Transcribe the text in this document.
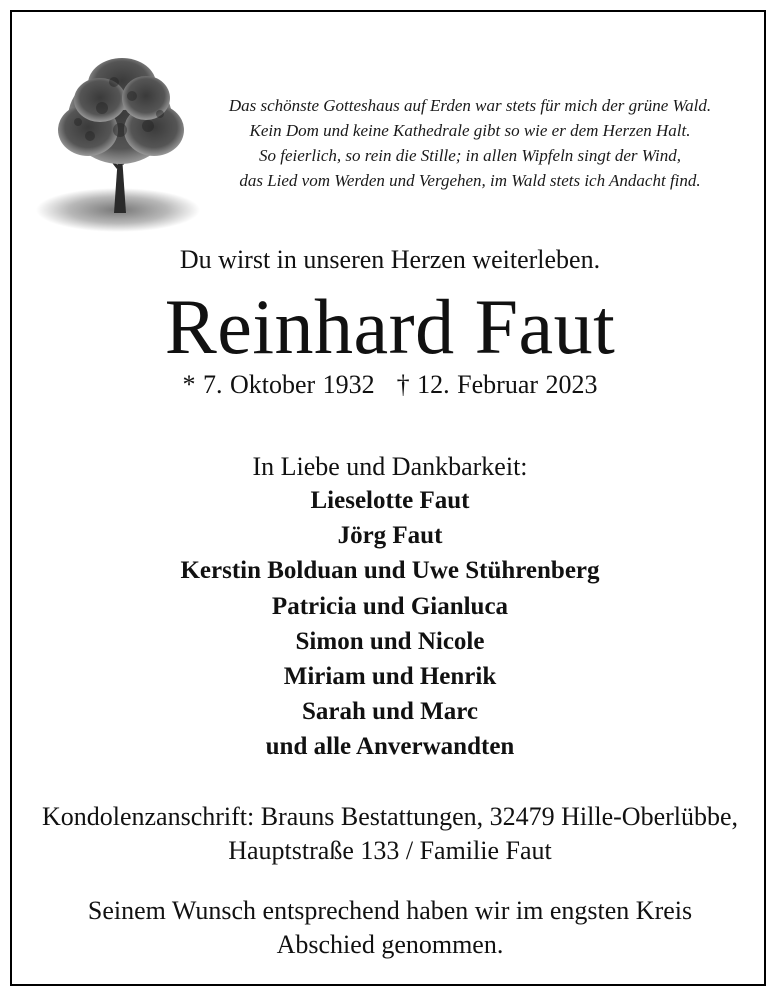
Das schönste Gotteshaus auf Erden war stets für mich der grüne Wald.
Kein Dom und keine Kathedrale gibt so wie er dem Herzen Halt.
So feierlich, so rein die Stille; in allen Wipfeln singt der Wind,
das Lied vom Werden und Vergehen, im Wald stets ich Andacht find.
Du wirst in unseren Herzen weiterleben.
Reinhard Faut
* 7. Oktober 1932 † 12. Februar 2023
In Liebe und Dankbarkeit:
Lieselotte Faut
Jörg Faut
Kerstin Bolduan und Uwe Stührenberg
Patricia und Gianluca
Simon und Nicole
Miriam und Henrik
Sarah und Marc
und alle Anverwandten
Kondolenzanschrift: Brauns Bestattungen, 32479 Hille-Oberlübbe,
Hauptstraße 133 / Familie Faut
Seinem Wunsch entsprechend haben wir im engsten Kreis
Abschied genommen.
